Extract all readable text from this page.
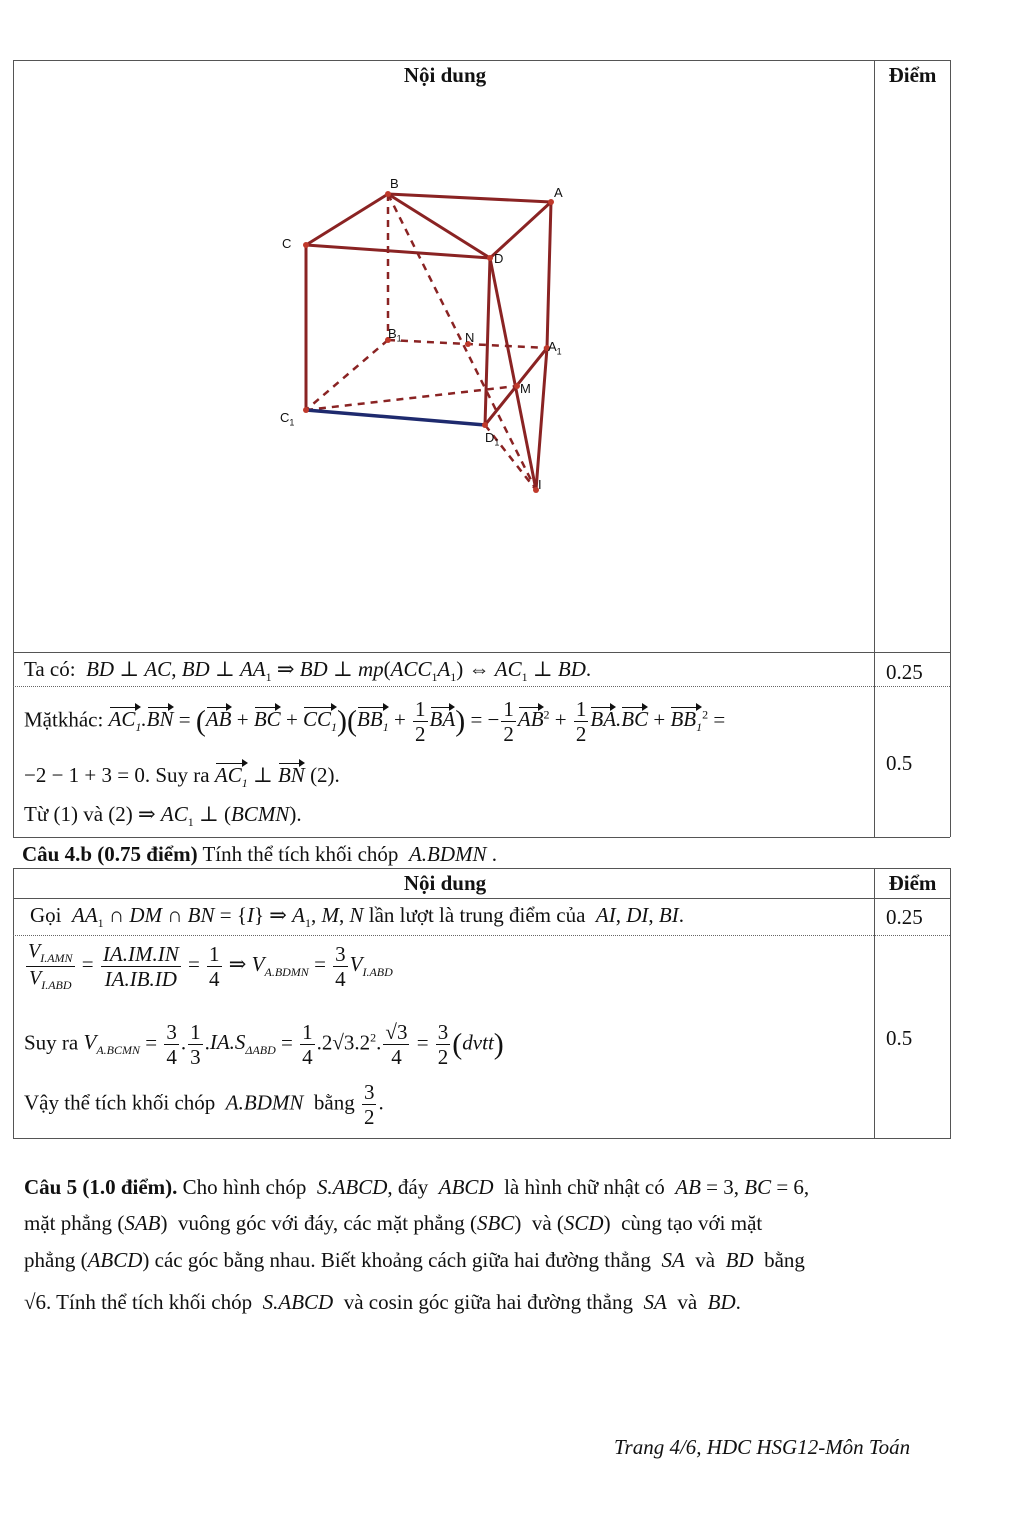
Nội dung	Điểm
B
A
C
D
$B_1$	N
$A_1$
M
$C_1$
$D_1$
I
Ta có: BD ⊥ AC, BD ⊥ $AA_1$ ⇒ BD ⊥ $mp(ACC_1A_1)$ ⇔ $AC_1$ ⊥ BD.	0.25
Mặtkhác: $AC_1.BN = (AB$ + BC + $CC_1)(BB_1 + \frac{1}{2} BA)$ = − $\frac{1}{2} AB^2 + \frac{1}{2} BA.BC + BB_1^2$ =
−2 − 1 + 3 = 0. Suy ra $AC_1$ ⊥ BN (2).
Từ (1) và (2) ⇒ $AC_1$ ⊥ (BCMN).
0.5
Câu 4.b (0.75 điểm) Tính thể tích khối chóp A.BDMN .
Nội dung	Điểm
Gọi $AA_1$ ∩ DM ∩ BN = {I} ⇒ $A_1$, M, N lần lượt là trung điểm của AI, DI, BI.	0.25
$\frac{V_{I.AMN}}{V_{I.ABD}} = \frac{IA.IM.IN}{IA.IB.ID} = \frac{1}{4}$ ⇒ $V_{A.BDMN} = \frac{3}{4} V_{I.ABD}$
Suy ra $V_{A.BCMN} = \frac{3}{4}$ . $\frac{1}{3} .IA.S_{\Delta ABD} = \frac{1}{4} .2√3.2^2$. $\frac{√3}{4} = \frac{3}{2}$ (dvtt)
Vậy thể tích khối chóp A.BDMN bằng $\frac{3}{2}$ .
0.5
Câu 5 (1.0 điểm). Cho hình chóp S.ABCD, đáy ABCD là hình chữ nhật có AB = 3, BC = 6,
mặt phẳng (SAB)  vuông góc với đáy, các mặt phẳng (SBC)  và (SCD)  cùng tạo với mặt
phẳng (ABCD) các góc bằng nhau. Biết khoảng cách giữa hai đường thẳng SA và BD bằng
√6. Tính thể tích khối chóp S.ABCD và cosin góc giữa hai đường thẳng SA và BD.
Trang 4/6, HDC HSG12-Môn Toán
